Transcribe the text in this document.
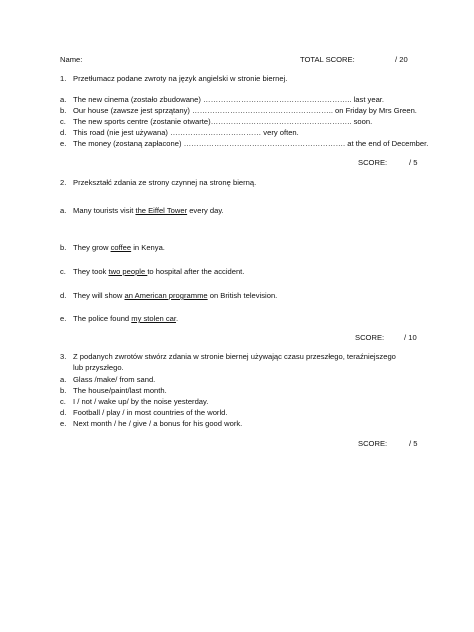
Name:	TOTAL SCORE:	/ 20
1. Przetłumacz podane zwroty na język angielski w stronie biernej.
a. The new cinema (zostało zbudowane) ………………………………………………….. last year.
b. Our house (zawsze jest sprzątany) ……………………………………………….. on Friday by Mrs Green.
c. The new sports centre (zostanie otwarte)……………………………………………….. soon.
d. This road (nie jest używana) ……………………………… very often.
e. The money (zostaną zapłacone) ………………………………………………………. at the end of December.
SCORE:	/ 5
2. Przekształć zdania ze strony czynnej na stronę bierną.
a. Many tourists visit the Eiffel Tower every day.
b. They grow coffee in Kenya.
c. They took two people to hospital after the accident.
d. They will show an American programme on British television.
e. The police found my stolen car.
SCORE:	/ 10
3. Z podanych zwrotów stwórz zdania w stronie biernej używając czasu przeszłego, teraźniejszego
lub przyszłego.
a. Glass /make/ from sand.
b. The house/paint/last month.
c. I / not / wake up/ by the noise yesterday.
d. Football / play / in most countries of the world.
e. Next month / he / give / a bonus for his good work.
SCORE:	/ 5
